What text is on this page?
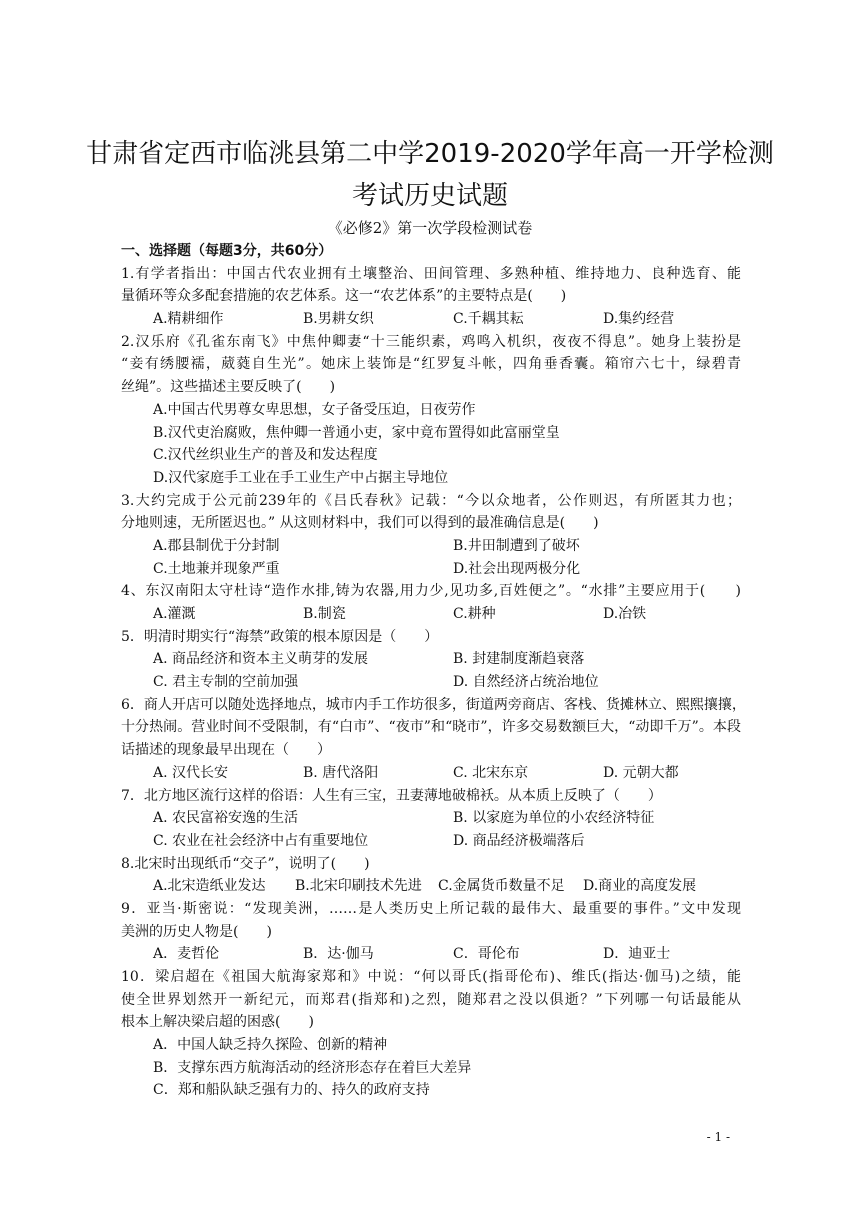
甘肃省定西市临洮县第二中学2019-2020学年高一开学检测
考试历史试题
《必修2》第一次学段检测试卷
一、选择题（每题3分，共60分）
1.有学者指出：中国古代农业拥有土壤整治、田间管理、多熟种植、维持地力、良种选育、能
量循环等众多配套措施的农艺体系。这一“农艺体系”的主要特点是(　　)
A.精耕细作	B.男耕女织	C.千耦其耘	D.集约经营
2.汉乐府《孔雀东南飞》中焦仲卿妻“十三能织素，鸡鸣入机织，夜夜不得息”。她身上装扮是
“妾有绣腰襦，葳蕤自生光”。她床上装饰是“红罗复斗帐，四角垂香囊。箱帘六七十，绿碧青
丝绳”。这些描述主要反映了(　　)
A.中国古代男尊女卑思想，女子备受压迫，日夜劳作
B.汉代吏治腐败，焦仲卿一普通小吏，家中竟布置得如此富丽堂皇
C.汉代丝织业生产的普及和发达程度
D.汉代家庭手工业在手工业生产中占据主导地位
3.大约完成于公元前239年的《吕氏春秋》记载：“今以众地者，公作则迟，有所匿其力也；
分地则速，无所匿迟也。” 从这则材料中，我们可以得到的最准确信息是(　　)
A.郡县制优于分封制	B.井田制遭到了破坏
C.土地兼并现象严重	D.社会出现两极分化
4、东汉南阳太守杜诗“造作水排,铸为农器,用力少,见功多,百姓便之”。“水排”主要应用于(　　)
A.灌溉	B.制瓷	C.耕种	D.冶铁
5．明清时期实行“海禁”政策的根本原因是（　　）
A. 商品经济和资本主义萌芽的发展	B. 封建制度渐趋衰落
C. 君主专制的空前加强	D. 自然经济占统治地位
6．商人开店可以随处选择地点，城市内手工作坊很多，街道两旁商店、客栈、货摊林立、熙熙攘攘，
十分热闹。营业时间不受限制，有“白市”、“夜市”和“晓市”，许多交易数额巨大，“动即千万”。本段
话描述的现象最早出现在（　　）
A. 汉代长安	B. 唐代洛阳	C. 北宋东京	D. 元朝大都
7．北方地区流行这样的俗语：人生有三宝，丑妻薄地破棉袄。从本质上反映了（　　）
A. 农民富裕安逸的生活	B. 以家庭为单位的小农经济特征
C. 农业在社会经济中占有重要地位	D. 商品经济极端落后
8.北宋时出现纸币“交子”，说明了(　　)
A.北宋造纸业发达	B.北宋印刷技术先进	C.金属货币数量不足	D.商业的高度发展
9．亚当·斯密说：“发现美洲，……是人类历史上所记载的最伟大、最重要的事件。”文中发现
美洲的历史人物是(　　)
A．麦哲伦	B．达·伽马	C．哥伦布	D．迪亚士
10．梁启超在《祖国大航海家郑和》中说：“何以哥氏(指哥伦布)、维氏(指达·伽马)之绩，能
使全世界划然开一新纪元，而郑君(指郑和)之烈，随郑君之没以俱逝？”下列哪一句话最能从
根本上解决梁启超的困惑(　　)
A．中国人缺乏持久探险、创新的精神
B．支撑东西方航海活动的经济形态存在着巨大差异
C．郑和船队缺乏强有力的、持久的政府支持
- 1 -
